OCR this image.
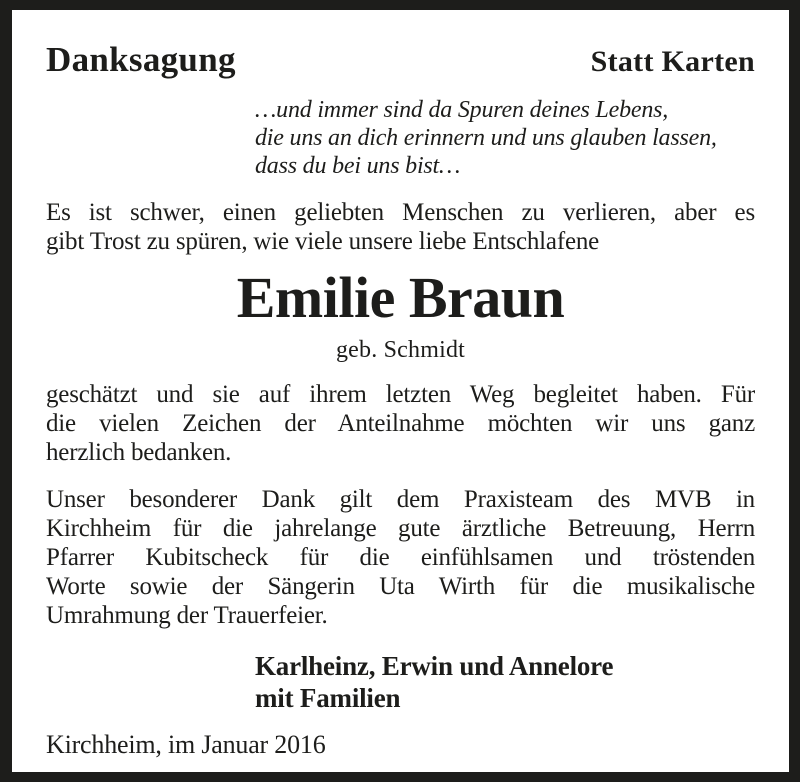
Danksagung	Statt Karten
…und immer sind da Spuren deines Lebens,
die uns an dich erinnern und uns glauben lassen,
dass du bei uns bist…
Es ist schwer, einen geliebten Menschen zu verlieren, aber es
gibt Trost zu spüren, wie viele unsere liebe Entschlafene
Emilie Braun
geb. Schmidt
geschätzt und sie auf ihrem letzten Weg begleitet haben. Für
die vielen Zeichen der Anteilnahme möchten wir uns ganz
herzlich bedanken.
Unser besonderer Dank gilt dem Praxisteam des MVB in
Kirchheim für die jahrelange gute ärztliche Betreuung, Herrn
Pfarrer Kubitscheck für die einfühlsamen und tröstenden
Worte sowie der Sängerin Uta Wirth für die musikalische
Umrahmung der Trauerfeier.
Karlheinz, Erwin und Annelore
mit Familien
Kirchheim, im Januar 2016
